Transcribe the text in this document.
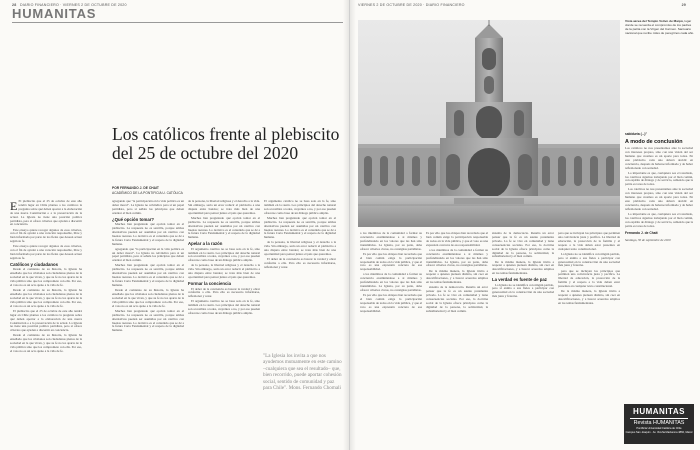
28 DIARIO FINANCIERO · VIERNES 2 DE OCTUBRE DE 2020
HUMANITAS
Los católicos frente al plebiscito del 25 de octubre del 2020
POR FERNANDO J. DE CHAIT
ACADÉMICO DE LA PONTIFICIA U. CATÓLICA

E El plebiscito que el 25 de octubre de este año tendrá lugar en Chile plantea a los católicos la pregunta sobre qué deben aportar a la elaboración de una nueva Constitución o a la preservación de la actual. La Iglesia no tiene una posición política partidista, pero sí ofrece criterios que ayuden a discernir en conciencia.

Este ensayo quiere recoger algunos de esos criterios, con el fin de ayudar a una votación responsable, libre y bien informada por parte de los fieles que desean actuar según su fe.

Este ensayo quiere recoger algunos de esos criterios, con el fin de ayudar a una votación responsable, libre y bien informada por parte de los fieles que desean actuar según su fe.

Católicos y ciudadanos

Desde el comienzo de su historia, la Iglesia ha enseñado que los cristianos son ciudadanos plenos de la sociedad en la que viven, y que su fe no los aparta de la vida pública sino que los compromete con ella. Por eso, el voto no es un acto ajeno a la vida de fe.

Desde el comienzo de su historia, la Iglesia ha enseñado que los cristianos son ciudadanos plenos de la sociedad en la que viven, y que su fe no los aparta de la vida pública sino que los compromete con ella. Por eso, el voto no es un acto ajeno a la vida de fe.

El plebiscito que el 25 de octubre de este año tendrá lugar en Chile plantea a los católicos la pregunta sobre qué deben aportar a la elaboración de una nueva Constitución o a la preservación de la actual. La Iglesia no tiene una posición política partidista, pero sí ofrece criterios que ayuden a discernir en conciencia.

Desde el comienzo de su historia, la Iglesia ha enseñado que los cristianos son ciudadanos plenos de la sociedad en la que viven, y que su fe no los aparta de la vida pública sino que los compromete con ella. Por eso, el voto no es un acto ajeno a la vida de fe.

agregando que "la participación en la vida política es un deber moral". La Iglesia no reivindica para sí un papel partidista, pero sí señala los principios que deben orientar el bien común.

¿Qué opción tomar?

Muchos han preguntado qué opción tomar en el plebiscito. La respuesta no es sencilla, porque ambas alternativas pueden ser asumidas por un católico con buenas razones. Lo decisivo es el contenido que se dé a la futura Carta Fundamental y el respeto de la dignidad humana.

agregando que "la participación en la vida política es un deber moral". La Iglesia no reivindica para sí un papel partidista, pero sí señala los principios que deben orientar el bien común.

Muchos han preguntado qué opción tomar en el plebiscito. La respuesta no es sencilla, porque ambas alternativas pueden ser asumidas por un católico con buenas razones. Lo decisivo es el contenido que se dé a la futura Carta Fundamental y el respeto de la dignidad humana.

Desde el comienzo de su historia, la Iglesia ha enseñado que los cristianos son ciudadanos plenos de la sociedad en la que viven, y que su fe no los aparta de la vida pública sino que los compromete con ella. Por eso, el voto no es un acto ajeno a la vida de fe.

Muchos han preguntado qué opción tomar en el plebiscito. La respuesta no es sencilla, porque ambas alternativas pueden ser asumidas por un católico con buenas razones. Lo decisivo es el contenido que se dé a la futura Carta Fundamental y el respeto de la dignidad humana.

de la persona, la libertad religiosa y el derecho a la vida. Sin embargo, sería un error reducir el plebiscito a una disputa entre bandos; se trata más bien de una oportunidad para pensar juntos el país que queremos.

Muchos han preguntado qué opción tomar en el plebiscito. La respuesta no es sencilla, porque ambas alternativas pueden ser asumidas por un católico con buenas razones. Lo decisivo es el contenido que se dé a la futura Carta Fundamental y el respeto de la dignidad humana.

Apelar a la razón

El argumento católico no se basa solo en la fe, sino también en la razón. Los principios del derecho natural son accesibles a todos, creyentes o no, y por eso pueden ofrecerse como base de un diálogo público amplio.

de la persona, la libertad religiosa y el derecho a la vida. Sin embargo, sería un error reducir el plebiscito a una disputa entre bandos; se trata más bien de una oportunidad para pensar juntos el país que queremos.

Formar la conciencia

El deber de la conciencia es buscar la verdad y obrar conforme a ella. Para ello es necesario informarse, reflexionar y rezar.

El argumento católico no se basa solo en la fe, sino también en la razón. Los principios del derecho natural son accesibles a todos, creyentes o no, y por eso pueden ofrecerse como base de un diálogo público amplio.

El argumento católico no se basa solo en la fe, sino también en la razón. Los principios del derecho natural son accesibles a todos, creyentes o no, y por eso pueden ofrecerse como base de un diálogo público amplio.

Muchos han preguntado qué opción tomar en el plebiscito. La respuesta no es sencilla, porque ambas alternativas pueden ser asumidas por un católico con buenas razones. Lo decisivo es el contenido que se dé a la futura Carta Fundamental y el respeto de la dignidad humana.

de la persona, la libertad religiosa y el derecho a la vida. Sin embargo, sería un error reducir el plebiscito a una disputa entre bandos; se trata más bien de una oportunidad para pensar juntos el país que queremos.

El deber de la conciencia es buscar la verdad y obrar conforme a ella. Para ello es necesario informarse, reflexionar y rezar.

"La Iglesia los invita a que nos ayudemos mutuamente en este camino –cualquiera que sea el resultado– que, bien recorrido, puede aportar cohesión social, sentido de comunidad y paz para Chile". Mons. Fernando Chomali
VIERNES 2 DE OCTUBRE DE 2020 · DIARIO FINANCIERO	29
Vista aérea del Templo Votivo de Maipú, lugar donde se recuerda el compromiso de los padres de la patria con la Virgen del Carmen. Santuario nacional que recibe miles de peregrinos cada año.

a los miembros de la comunidad a formar su conciencia examinándose a sí mismos y profundizando en los valores que les han sido transmitidos. La Iglesia, por su parte, debe ofrecer criterios claros, no consignas partidistas.

Es por ello que los obispos han recordado que el bien común exige la participación responsable de todos en la vida pública, y que el voto es una expresión concreta de esa responsabilidad.

a los miembros de la comunidad a formar su conciencia examinándose a sí mismos y profundizando en los valores que les han sido transmitidos. La Iglesia, por su parte, debe ofrecer criterios claros, no consignas partidistas.

Es por ello que los obispos han recordado que el bien común exige la participación responsable de todos en la vida pública, y que el voto es una expresión concreta de esa responsabilidad.

Es por ello que los obispos han recordado que el bien común exige la participación responsable de todos en la vida pública, y que el voto es una expresión concreta de esa responsabilidad.

a los miembros de la comunidad a formar su conciencia examinándose a sí mismos y profundizando en los valores que les han sido transmitidos. La Iglesia, por su parte, debe ofrecer criterios claros, no consignas partidistas.

De la misma manera, la Iglesia invita a respetar a quienes piensan distinto, sin caer en descalificaciones, y a buscar acuerdos amplios en los temas fundamentales.

sistema de la democracia. Resulta un error pensar que la fe es un asunto puramente privado. La fe se vive en comunidad y tiene consecuencias sociales. Por eso, la doctrina social de la Iglesia ofrece principios como la dignidad de la persona, la solidaridad, la subsidiariedad y el bien común.

sistema de la democracia. Resulta un error pensar que la fe es un asunto puramente privado. La fe se vive en comunidad y tiene consecuencias sociales. Por eso, la doctrina social de la Iglesia ofrece principios como la dignidad de la persona, la solidaridad, la subsidiariedad y el bien común.

De la misma manera, la Iglesia invita a respetar a quienes piensan distinto, sin caer en descalificaciones, y a buscar acuerdos amplios en los temas fundamentales.

La verdad es fuente de paz

La Iglesia no se identifica con ningún partido, pero sí anima a sus fieles a participar con generosidad en la construcción de una sociedad más justa y fraterna.

para que se incluyan los principios que permiten una convivencia justa y pacífica. La libertad de educación, la protección de la familia y el respeto a la vida deben estar presentes en cualquier texto constitucional.

La Iglesia no se identifica con ningún partido, pero sí anima a sus fieles a participar con generosidad en la construcción de una sociedad más justa y fraterna.

para que se incluyan los principios que permiten una convivencia justa y pacífica. La libertad de educación, la protección de la familia y el respeto a la vida deben estar presentes en cualquier texto constitucional.

De la misma manera, la Iglesia invita a respetar a quienes piensan distinto, sin caer en descalificaciones, y a buscar acuerdos amplios en los temas fundamentales.

sabiduría (...)"
A modo de conclusión

Los católicos no nos presentamos ante la sociedad con intereses propios, sino con una visión del ser humano que creemos es un aporte para todos. En este plebiscito cada uno deberá decidir en conciencia, después de haberse informado y de haber reflexionado con seriedad.

Lo importante es que, cualquiera sea el resultado, los católicos sigamos trabajando por el bien común, con espíritu de diálogo y de servicio, sabiendo que la patria es tarea de todos.

Los católicos no nos presentamos ante la sociedad con intereses propios, sino con una visión del ser humano que creemos es un aporte para todos. En este plebiscito cada uno deberá decidir en conciencia, después de haberse informado y de haber reflexionado con seriedad.

Lo importante es que, cualquiera sea el resultado, los católicos sigamos trabajando por el bien común, con espíritu de diálogo y de servicio, sabiendo que la patria es tarea de todos.

Fernando J. de Chait
Santiago, 30 de septiembre de 2020
HUMANITAS
Revista HUMANITAS
Pontificia Universidad Católica de Chile
Campus San Joaquín · Av. Vicuña Mackenna 4860, Macul
